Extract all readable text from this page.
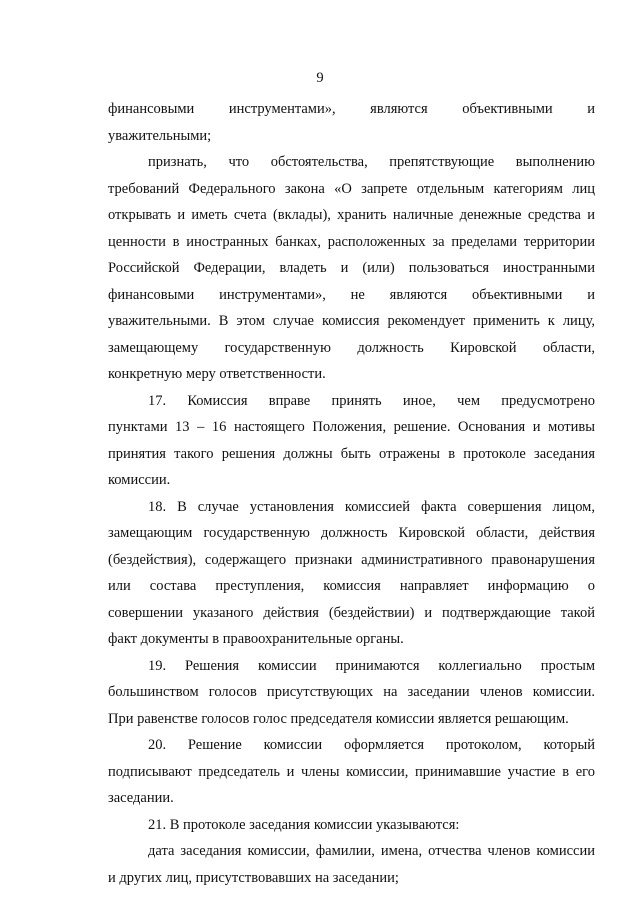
9
финансовыми инструментами», являются объективными и
уважительными;
признать, что обстоятельства, препятствующие выполнению
требований Федерального закона «О запрете отдельным категориям лиц
открывать и иметь счета (вклады), хранить наличные денежные средства и
ценности в иностранных банках, расположенных за пределами территории
Российской Федерации, владеть и (или) пользоваться иностранными
финансовыми инструментами», не являются объективными и
уважительными. В этом случае комиссия рекомендует применить к лицу,
замещающему государственную должность Кировской области,
конкретную меру ответственности.
17. Комиссия вправе принять иное, чем предусмотрено
пунктами 13 – 16 настоящего Положения, решение. Основания и мотивы
принятия такого решения должны быть отражены в протоколе заседания
комиссии.
18. В случае установления комиссией факта совершения лицом,
замещающим государственную должность Кировской области, действия
(бездействия), содержащего признаки административного правонарушения
или состава преступления, комиссия направляет информацию о
совершении указаного действия (бездействии) и подтверждающие такой
факт документы в правоохранительные органы.
19. Решения комиссии принимаются коллегиально простым
большинством голосов присутствующих на заседании членов комиссии.
При равенстве голосов голос председателя комиссии является решающим.
20. Решение комиссии оформляется протоколом, который
подписывают председатель и члены комиссии, принимавшие участие в его
заседании.
21. В протоколе заседания комиссии указываются:
дата заседания комиссии, фамилии, имена, отчества членов комиссии
и других лиц, присутствовавших на заседании;
